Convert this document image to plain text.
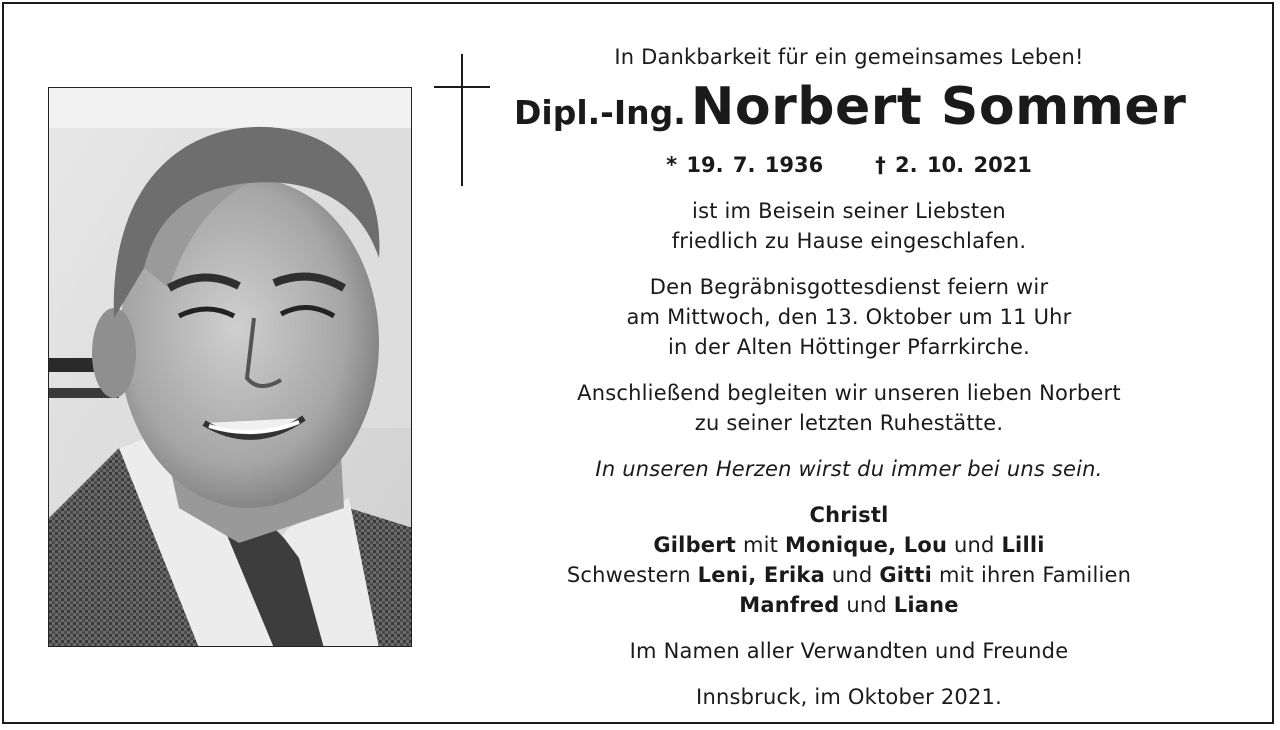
In Dankbarkeit für ein gemeinsames Leben!
Dipl.-Ing. Norbert Sommer
* 19. 7. 1936 † 2. 10. 2021
ist im Beisein seiner Liebsten
friedlich zu Hause eingeschlafen.
Den Begräbnisgottesdienst feiern wir
am Mittwoch, den 13. Oktober um 11 Uhr
in der Alten Höttinger Pfarrkirche.
Anschließend begleiten wir unseren lieben Norbert
zu seiner letzten Ruhestätte.
In unseren Herzen wirst du immer bei uns sein.
Christl
Gilbert mit Monique, Lou und Lilli
Schwestern Leni, Erika und Gitti mit ihren Familien
Manfred und Liane
Im Namen aller Verwandten und Freunde
Innsbruck, im Oktober 2021.
